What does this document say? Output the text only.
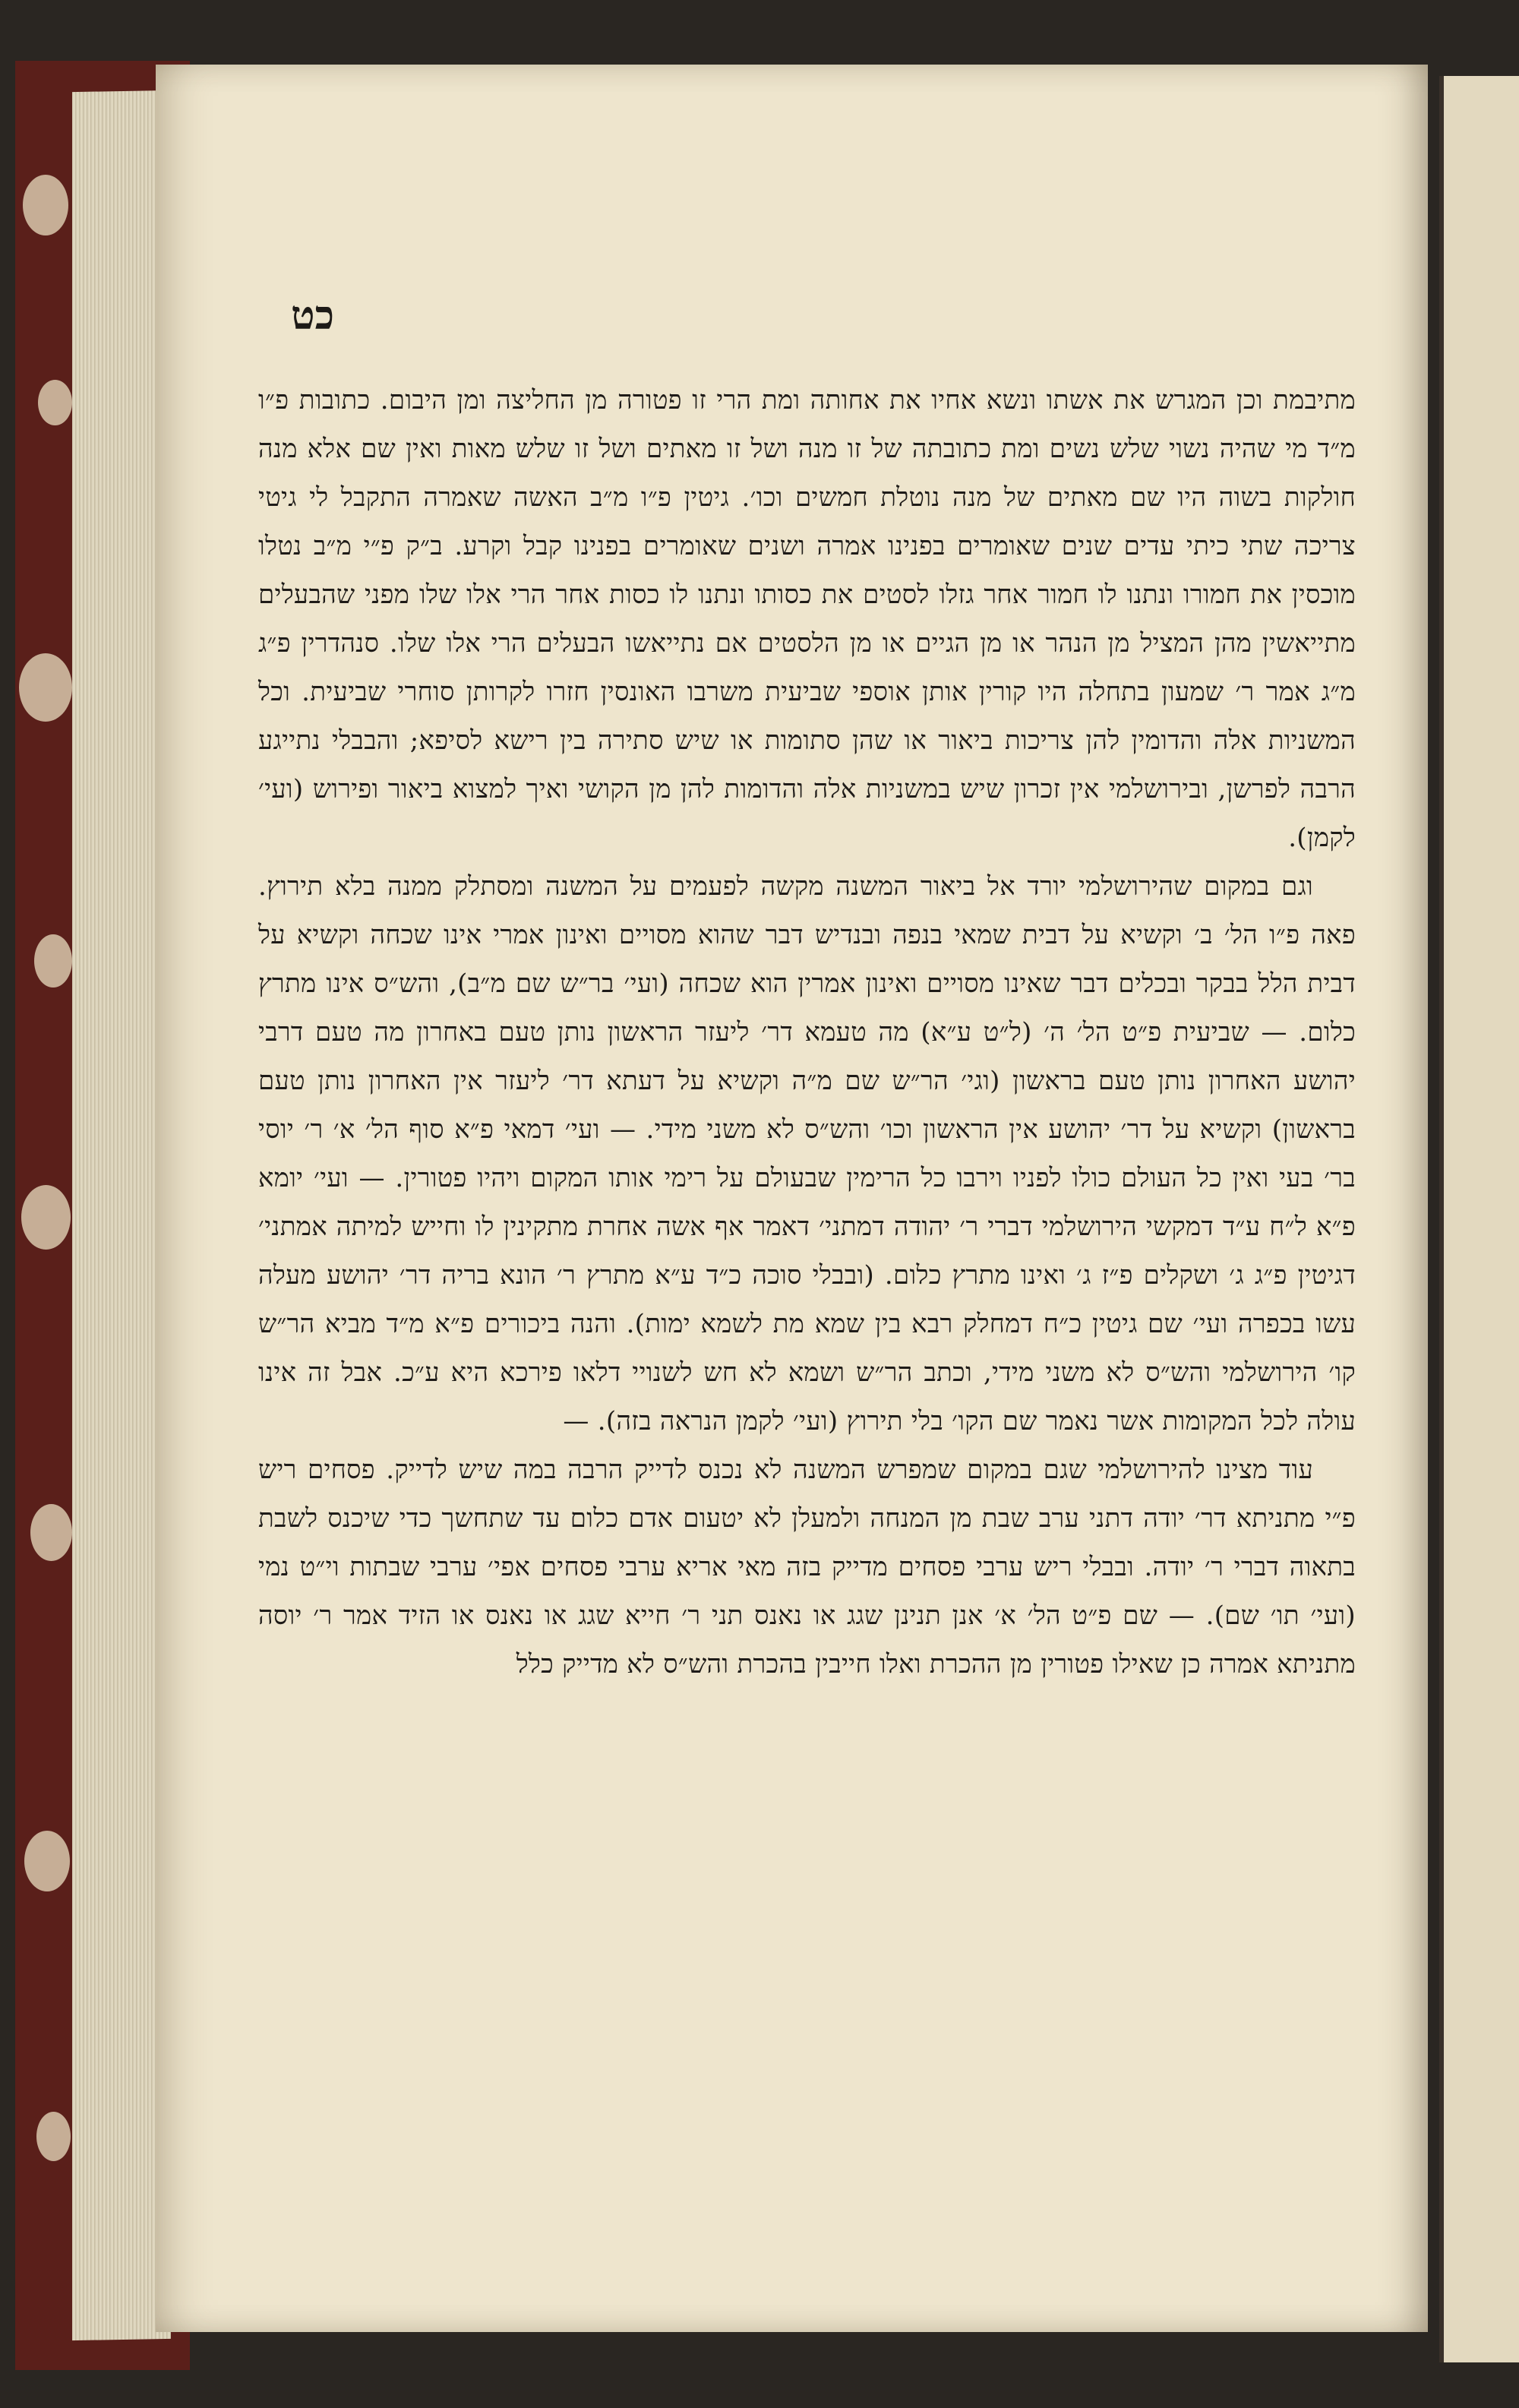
כט

מתיבמת וכן המגרש את אשתו ונשא אחיו את אחותה ומת הרי זו פטורה מן החליצה ומן היבום. כתובות פ״ו מ״ד מי שהיה נשוי שלש נשים ומת כתובתה של זו מנה ושל זו מאתים ושל זו שלש מאות ואין שם אלא מנה חולקות בשוה היו שם מאתים של מנה נוטלת חמשים וכו׳. גיטין פ״ו מ״ב האשה שאמרה התקבל לי גיטי צריכה שתי כיתי עדים שנים שאומרים בפנינו אמרה ושנים שאומרים בפנינו קבל וקרע. ב״ק פ״י מ״ב נטלו מוכסין את חמורו ונתנו לו חמור אחר גזלו לסטים את כסותו ונתנו לו כסות אחר הרי אלו שלו מפני שהבעלים מתייאשין מהן המציל מן הנהר או מן הגיים או מן הלסטים אם נתייאשו הבעלים הרי אלו שלו. סנהדרין פ״ג מ״ג אמר ר׳ שמעון בתחלה היו קורין אותן אוספי שביעית משרבו האונסין חזרו לקרותן סוחרי שביעית. וכל המשניות אלה והדומין להן צריכות ביאור או שהן סתומות או שיש סתירה בין רישא לסיפא; והבבלי נתייגע הרבה לפרשן, ובירושלמי אין זכרון שיש במשניות אלה והדומות להן מן הקושי ואיך למצוא ביאור ופירוש (ועי׳ לקמן).

וגם במקום שהירושלמי יורד אל ביאור המשנה מקשה לפעמים על המשנה ומסתלק ממנה בלא תירוץ. פאה פ״ו הל׳ ב׳ וקשיא על דבית שמאי בנפה ובנדיש דבר שהוא מסויים ואינון אמרי אינו שכחה וקשיא על דבית הלל בבקר ובכלים דבר שאינו מסויים ואינון אמרין הוא שכחה (ועי׳ בר״ש שם מ״ב), והש״ס אינו מתרץ כלום. — שביעית פ״ט הל׳ ה׳ (ל״ט ע״א) מה טעמא דר׳ ליעזר הראשון נותן טעם באחרון מה טעם דרבי יהושע האחרון נותן טעם בראשון (וגי׳ הר״ש שם מ״ה וקשיא על דעתא דר׳ ליעזר אין האחרון נותן טעם בראשון) וקשיא על דר׳ יהושע אין הראשון וכו׳ והש״ס לא משני מידי. — ועי׳ דמאי פ״א סוף הל׳ א׳ ר׳ יוסי בר׳ בעי ואין כל העולם כולו לפניו וירבו כל הרימין שבעולם על רימי אותו המקום ויהיו פטורין. — ועי׳ יומא פ״א ל״ח ע״ד דמקשי הירושלמי דברי ר׳ יהודה דמתני׳ דאמר אף אשה אחרת מתקינין לו וחייש למיתה אמתני׳ דגיטין פ״ג ג׳ ושקלים פ״ז ג׳ ואינו מתרץ כלום. (ובבלי סוכה כ״ד ע״א מתרץ ר׳ הונא בריה דר׳ יהושע מעלה עשו בכפרה ועי׳ שם גיטין כ״ח דמחלק רבא בין שמא מת לשמא ימות). והנה ביכורים פ״א מ״ד מביא הר״ש קו׳ הירושלמי והש״ס לא משני מידי, וכתב הר״ש ושמא לא חש לשנויי דלאו פירכא היא ע״כ. אבל זה אינו עולה לכל המקומות אשר נאמר שם הקו׳ בלי תירוץ (ועי׳ לקמן הנראה בזה). —

עוד מצינו להירושלמי שגם במקום שמפרש המשנה לא נכנס לדייק הרבה במה שיש לדייק. פסחים ריש פ״י מתניתא דר׳ יודה דתני ערב שבת מן המנחה ולמעלן לא יטעום אדם כלום עד שתחשך כדי שיכנס לשבת בתאוה דברי ר׳ יודה. ובבלי ריש ערבי פסחים מדייק בזה מאי אריא ערבי פסחים אפי׳ ערבי שבתות וי״ט נמי (ועי׳ תו׳ שם). — שם פ״ט הל׳ א׳ אנן תנינן שגג או נאנס תני ר׳ חייא שגג או נאנס או הזיד אמר ר׳ יוסה מתניתא אמרה כן שאילו פטורין מן ההכרת ואלו חייבין בהכרת והש״ס לא מדייק כלל
